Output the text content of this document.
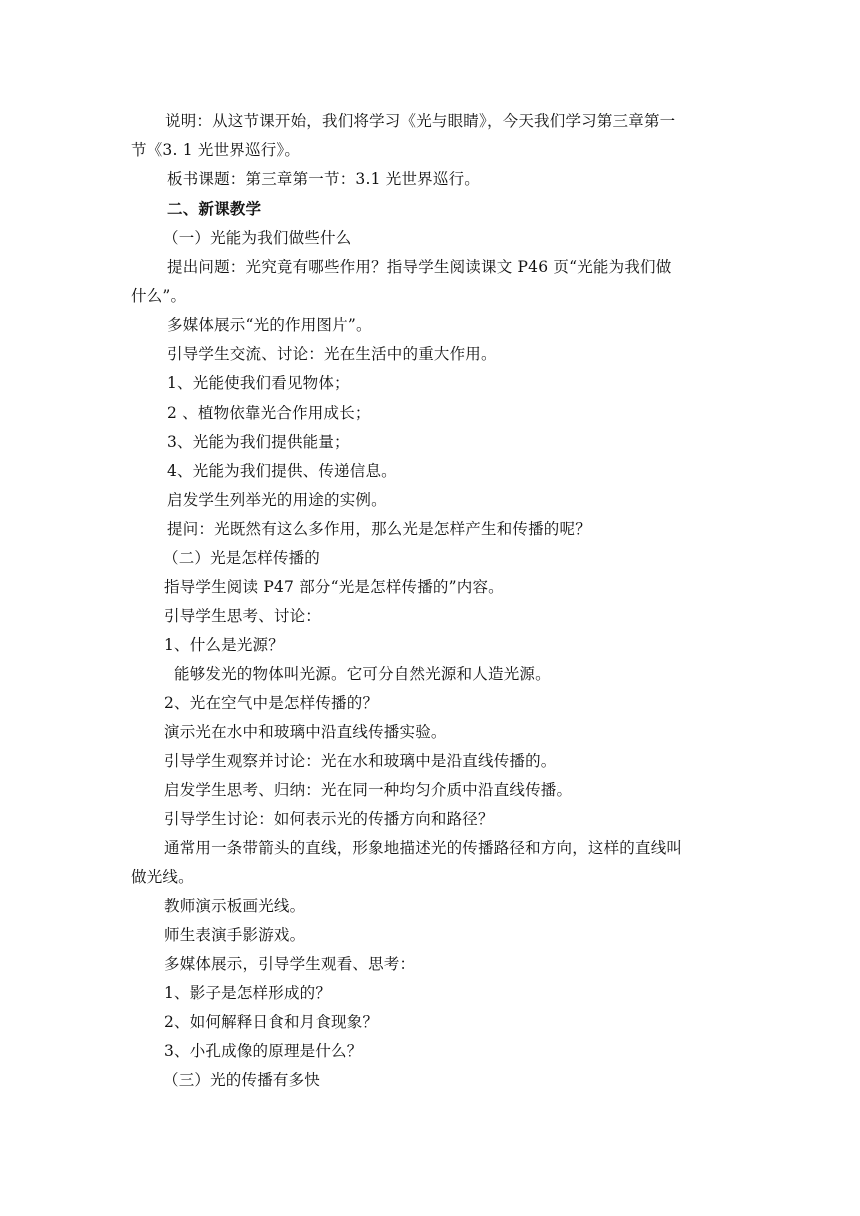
说明：从这节课开始，我们将学习《光与眼睛》，今天我们学习第三章第一
节《3. 1 光世界巡行》。
板书课题：第三章第一节：3.1 光世界巡行。
二、新课教学
（一）光能为我们做些什么
提出问题：光究竟有哪些作用？指导学生阅读课文 P46 页“光能为我们做
什么”。
多媒体展示“光的作用图片”。
引导学生交流、讨论：光在生活中的重大作用。
1、光能使我们看见物体；
2 、植物依靠光合作用成长；
3、光能为我们提供能量；
4、光能为我们提供、传递信息。
启发学生列举光的用途的实例。
提问：光既然有这么多作用，那么光是怎样产生和传播的呢？
（二）光是怎样传播的
指导学生阅读 P47 部分“光是怎样传播的”内容。
引导学生思考、讨论：
1、什么是光源？
能够发光的物体叫光源。它可分自然光源和人造光源。
2、光在空气中是怎样传播的？
演示光在水中和玻璃中沿直线传播实验。
引导学生观察并讨论：光在水和玻璃中是沿直线传播的。
启发学生思考、归纳：光在同一种均匀介质中沿直线传播。
引导学生讨论：如何表示光的传播方向和路径？
通常用一条带箭头的直线，形象地描述光的传播路径和方向，这样的直线叫
做光线。
教师演示板画光线。
师生表演手影游戏。
多媒体展示，引导学生观看、思考：
1、影子是怎样形成的？
2、如何解释日食和月食现象？
3、小孔成像的原理是什么？
（三）光的传播有多快
